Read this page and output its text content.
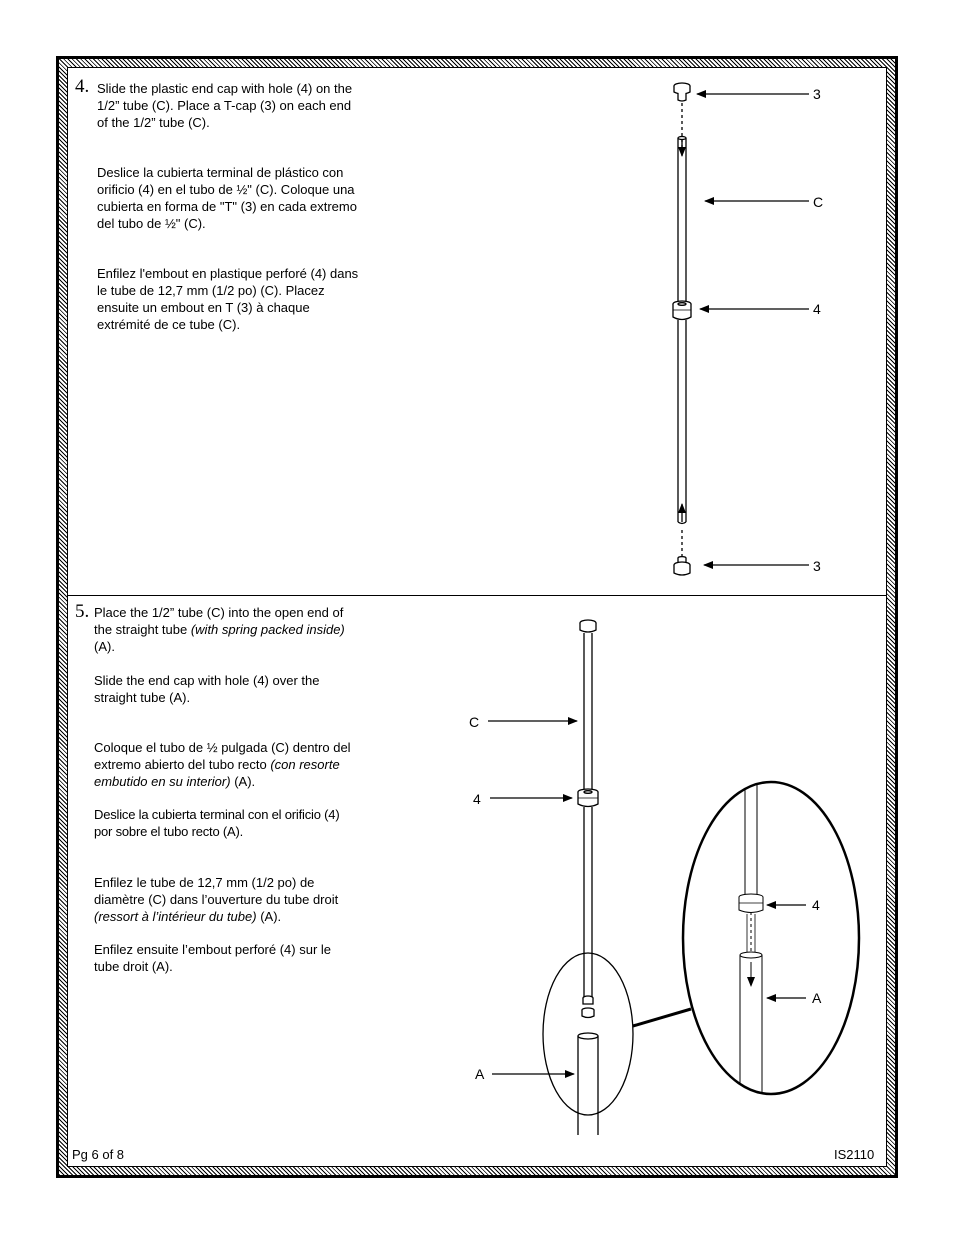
4. Slide the plastic end cap with hole (4) on the 1/2” tube (C). Place a T-cap (3) on each end of the 1/2” tube (C).

Deslice la cubierta terminal de plástico con orificio (4) en el tubo de ½" (C). Coloque una cubierta en forma de "T" (3) en cada extremo del tubo de ½" (C).

Enfilez l'embout en plastique perforé (4) dans le tube de 12,7 mm (1/2 po) (C). Placez ensuite un embout en T (3) à chaque extrémité de ce tube (C).

5. Place the 1/2” tube (C) into the open end of the straight tube (with spring packed inside) (A).

Slide the end cap with hole (4) over the straight tube (A).

Coloque el tubo de ½ pulgada (C) dentro del extremo abierto del tubo recto (con resorte embutido en su interior) (A).

Deslice la cubierta terminal con el orificio (4) por sobre el tubo recto (A).

Enfilez le tube de 12,7 mm (1/2 po) de diamètre (C) dans l’ouverture du tube droit (ressort à l’intérieur du tube) (A).

Enfilez ensuite l’embout perforé (4) sur le tube droit (A).

Pg 6 of 8	IS2110
3
C
4
3
C
4
A
4
A
